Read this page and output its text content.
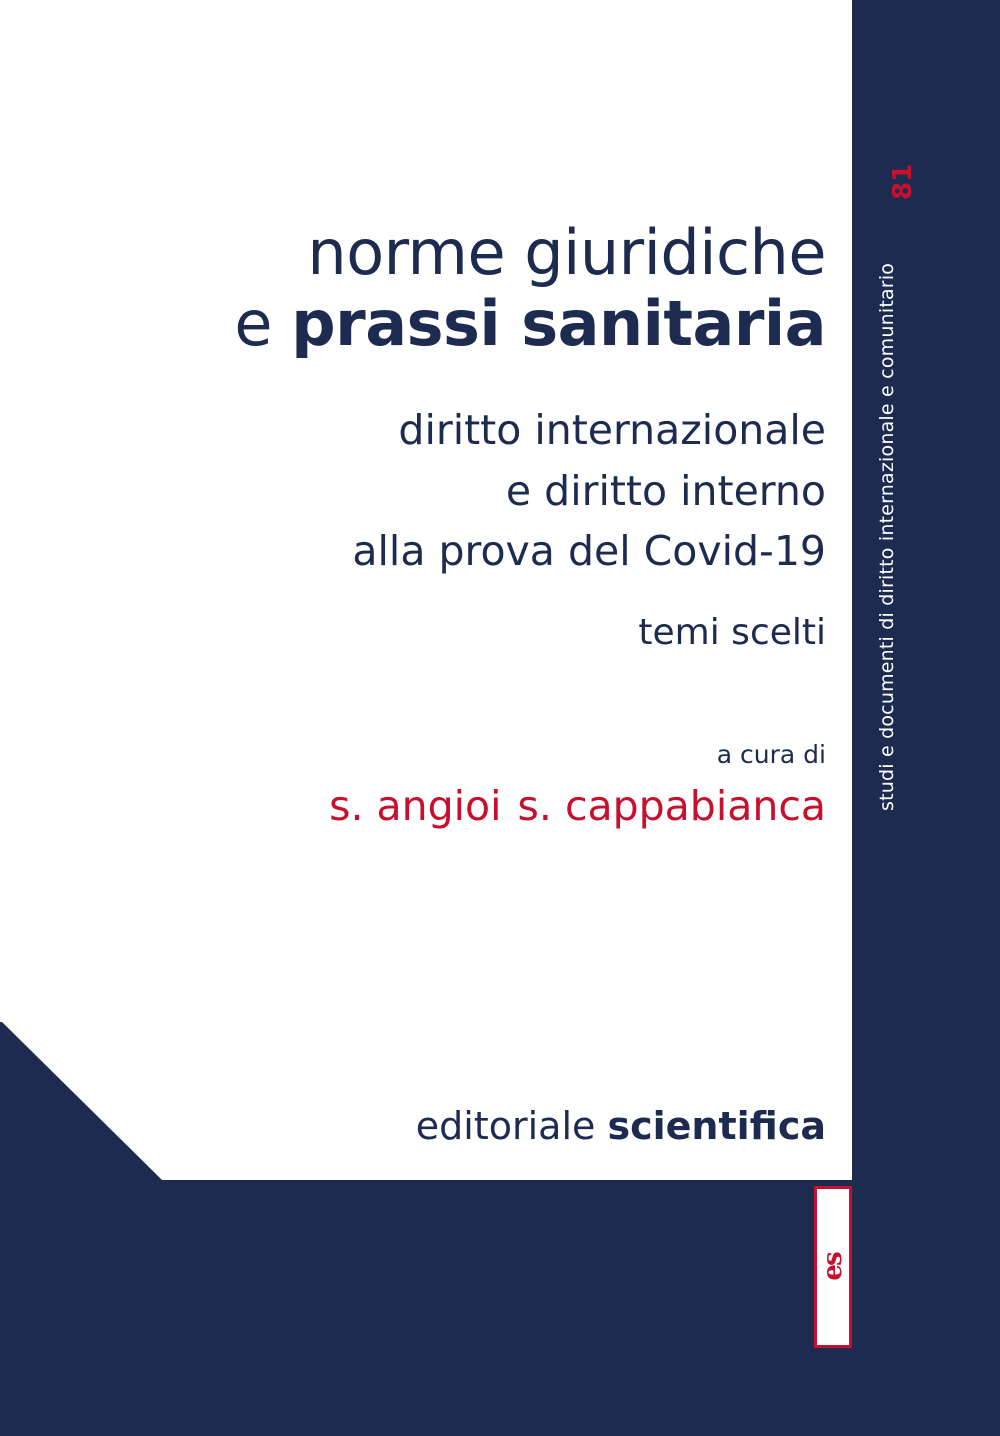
studi e documenti di diritto internazionale e comunitario
81
norme giuridiche
e prassi sanitaria
diritto internazionale
e diritto interno
alla prova del Covid-19
temi scelti
a cura di
s. angioi s. cappabianca
editoriale scientifica
es
